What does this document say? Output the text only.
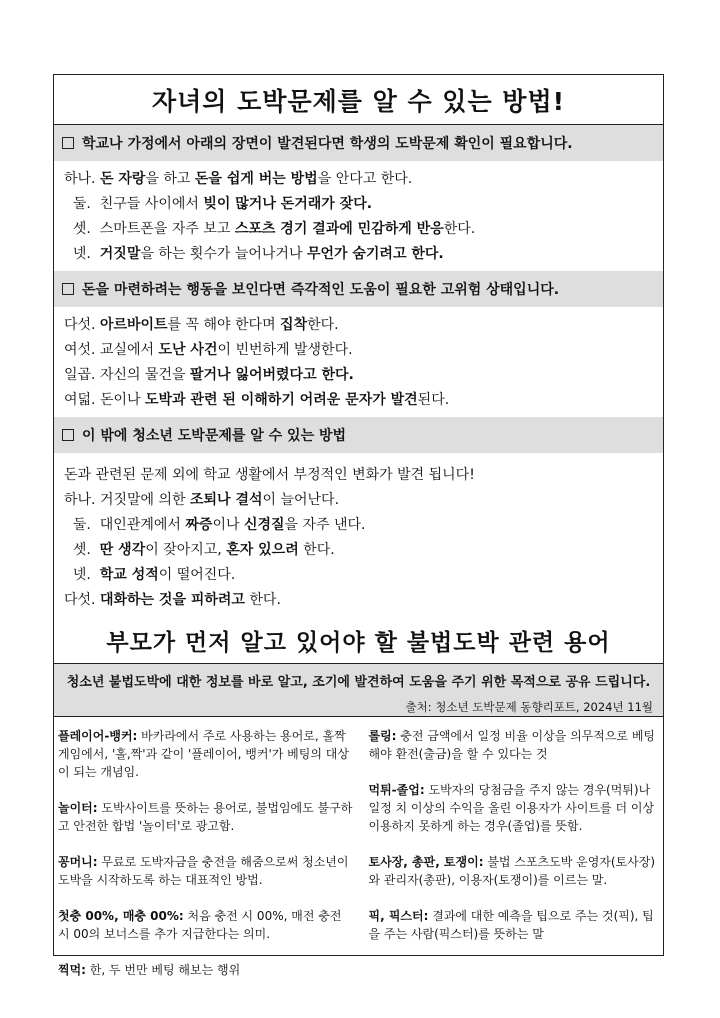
자녀의 도박문제를 알 수 있는 방법!
학교나 가정에서 아래의 장면이 발견된다면 학생의 도박문제 확인이 필요합니다.
하나. 돈 자랑을 하고 돈을 쉽게 버는 방법을 안다고 한다.
둘.  친구들 사이에서 빚이 많거나 돈거래가 잦다.
셋.  스마트폰을 자주 보고 스포츠 경기 결과에 민감하게 반응한다.
넷.  거짓말을 하는 횟수가 늘어나거나 무언가 숨기려고 한다.
돈을 마련하려는 행동을 보인다면 즉각적인 도움이 필요한 고위험 상태입니다.
다섯. 아르바이트를 꼭 해야 한다며 집착한다.
여섯. 교실에서 도난 사건이 빈번하게 발생한다.
일곱. 자신의 물건을 팔거나 잃어버렸다고 한다.
여덟. 돈이나 도박과 관련 된 이해하기 어려운 문자가 발견된다.
이 밖에 청소년 도박문제를 알 수 있는 방법
돈과 관련된 문제 외에 학교 생활에서 부정적인 변화가 발견 됩니다!
하나. 거짓말에 의한 조퇴나 결석이 늘어난다.
둘.  대인관계에서 짜증이나 신경질을 자주 낸다.
셋.  딴 생각이 잦아지고, 혼자 있으려 한다.
넷.  학교 성적이 떨어진다.
다섯. 대화하는 것을 피하려고 한다.
부모가 먼저 알고 있어야 할 불법도박 관련 용어
청소년 불법도박에 대한 정보를 바로 알고, 조기에 발견하여 도움을 주기 위한 목적으로 공유 드립니다.
출처: 청소년 도박문제 동향리포트, 2024년 11월
플레이어-뱅커: 바카라에서 주로 사용하는 용어로, 홀짝게임에서, '홀,짝'과 같이 '플레이어, 뱅커'가 베팅의 대상이 되는 개념임.
놀이터: 도박사이트를 뜻하는 용어로, 불법임에도 불구하고 안전한 합법 '놀이터'로 광고함.
꽁머니: 무료로 도박자금을 충전을 해줌으로써 청소년이 도박을 시작하도록 하는 대표적인 방법.
첫충 00%, 매충 00%: 처음 충전 시 00%, 매전 충전 시 00의 보너스를 추가 지급한다는 의미.
찍먹: 한, 두 번만 베팅 해보는 행위
롤링: 충전 금액에서 일정 비율 이상을 의무적으로 베팅해야 환전(출금)을 할 수 있다는 것
먹튀-졸업: 도박자의 당첨금을 주지 않는 경우(먹튀)나 일정 치 이상의 수익을 올린 이용자가 사이트를 더 이상 이용하지 못하게 하는 경우(졸업)를 뜻함.
토사장, 총판, 토쟁이: 불법 스포츠도박 운영자(토사장)와 관리자(총판), 이용자(토쟁이)를 이르는 말.
픽, 픽스터: 결과에 대한 예측을 팁으로 주는 것(픽), 팁을 주는 사람(픽스터)를 뜻하는 말
